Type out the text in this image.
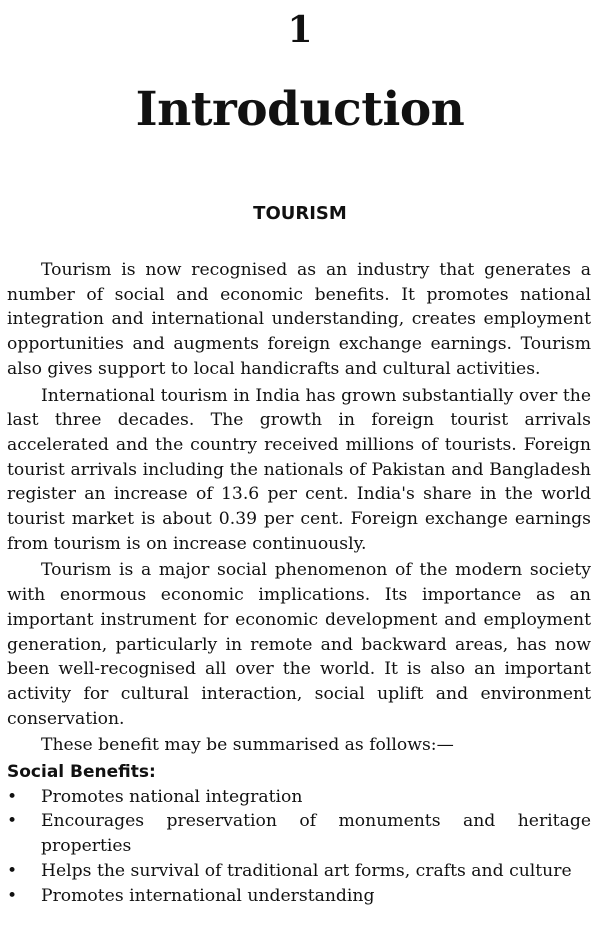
1
Introduction
TOURISM

Tourism is now recognised as an industry that generates a number of social and economic benefits. It promotes national integration and international understanding, creates employment opportunities and augments foreign exchange earnings. Tourism also gives support to local handicrafts and cultural activities.

International tourism in India has grown substantially over the last three decades. The growth in foreign tourist arrivals accelerated and the country received millions of tourists. Foreign tourist arrivals including the nationals of Pakistan and Bangladesh register an increase of 13.6 per cent. India's share in the world tourist market is about 0.39 per cent. Foreign exchange earnings from tourism is on increase continuously.

Tourism is a major social phenomenon of the modern society with enormous economic implications. Its importance as an important instrument for economic development and employment generation, particularly in remote and backward areas, has now been well-recognised all over the world. It is also an important activity for cultural interaction, social uplift and environment conservation.

These benefit may be summarised as follows:—

Social Benefits:
•	Promotes national integration
•	Encourages preservation of monuments and heritage properties
•	Helps the survival of traditional art forms, crafts and culture
•	Promotes international understanding
